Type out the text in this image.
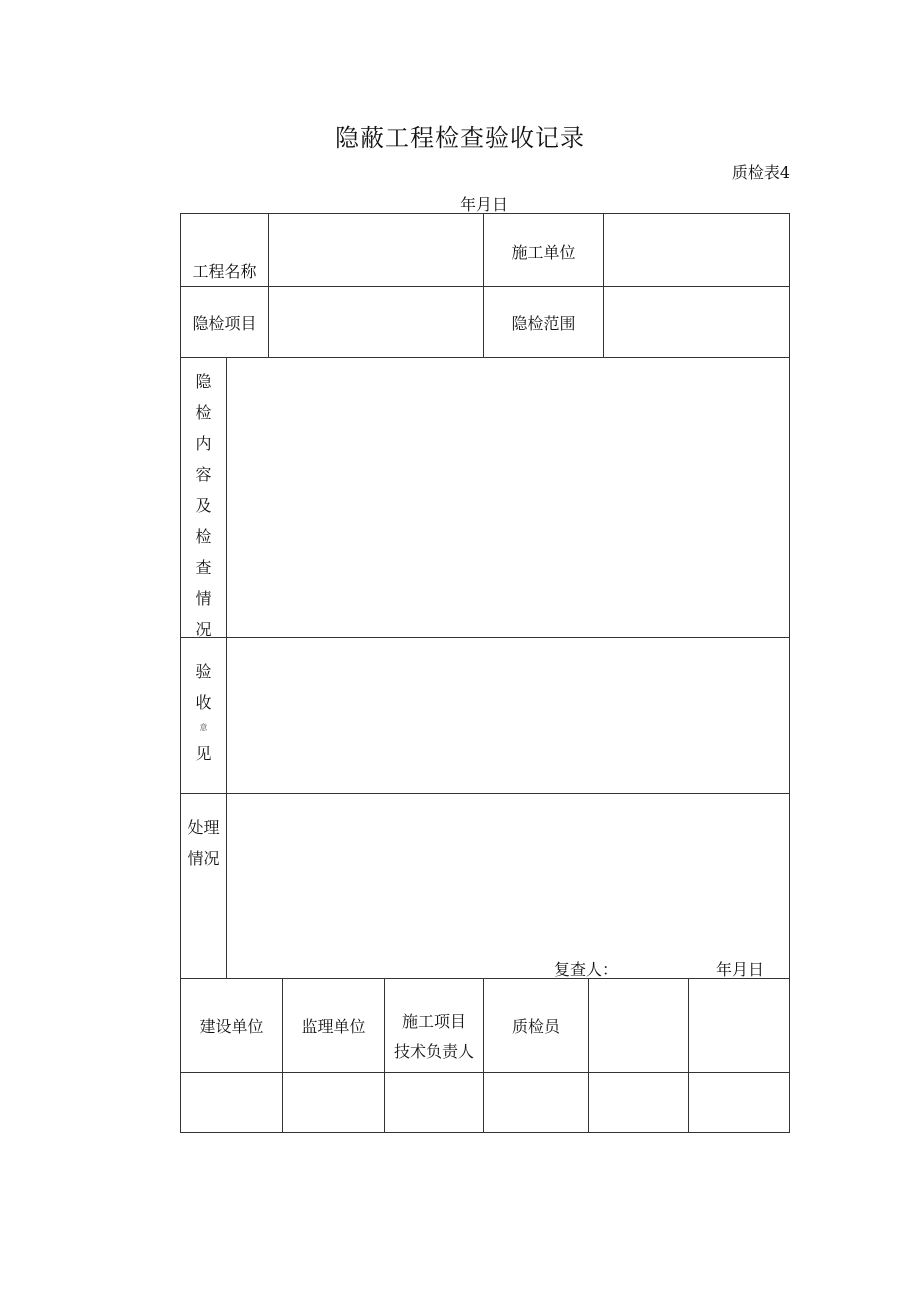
隐蔽工程检查验收记录
质检表4
年月日
工程名称
施工单位
隐检项目	隐检范围
隐
检
内
容
及
检
查
情
况
验
收
意
见
处理
情况
复查人：	年月日
建设单位 监理单位 施工项目
技术负责人
质检员
